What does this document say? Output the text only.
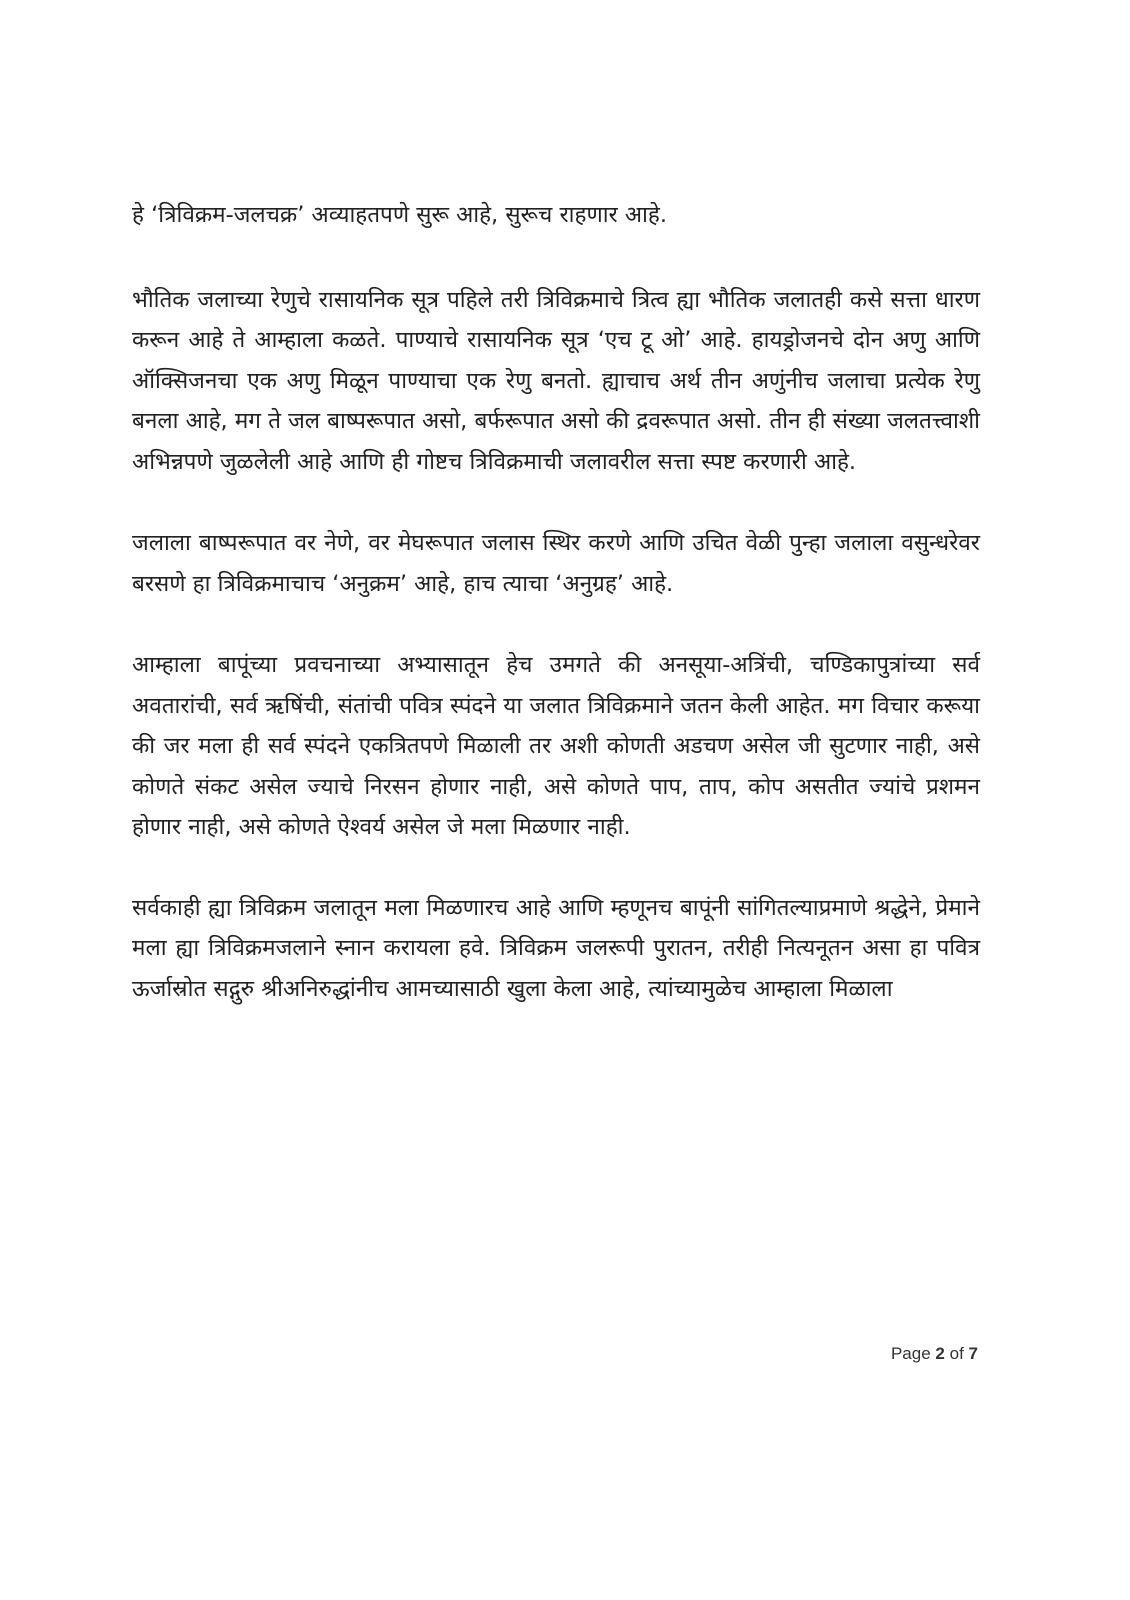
हे ‘त्रिविक्रम-जलचक्र’ अव्याहतपणे सुरू आहे, सुरूच राहणार आहे.

भौतिक जलाच्या रेणुचे रासायनिक सूत्र पहिले तरी त्रिविक्रमाचे त्रित्व ह्या भौतिक जलातही कसे सत्ता धारण करून आहे ते आम्हाला कळते. पाण्याचे रासायनिक सूत्र ‘एच टू ओ’ आहे. हायड्रोजनचे दोन अणु आणि ऑक्सिजनचा एक अणु मिळून पाण्याचा एक रेणु बनतो. ह्याचाच अर्थ तीन अणुंनीच जलाचा प्रत्येक रेणु बनला आहे, मग ते जल बाष्परूपात असो, बर्फरूपात असो की द्रवरूपात असो. तीन ही संख्या जलतत्त्वाशी अभिन्नपणे जुळलेली आहे आणि ही गोष्टच त्रिविक्रमाची जलावरील सत्ता स्पष्ट करणारी आहे.

जलाला बाष्परूपात वर नेणे, वर मेघरूपात जलास स्थिर करणे आणि उचित वेळी पुन्हा जलाला वसुन्धरेवर बरसणे हा त्रिविक्रमाचाच ‘अनुक्रम’ आहे, हाच त्याचा ‘अनुग्रह’ आहे.

आम्हाला बापूंच्या प्रवचनाच्या अभ्यासातून हेच उमगते की अनसूया-अत्रिंची, चण्डिकापुत्रांच्या सर्व अवतारांची, सर्व ऋषिंची, संतांची पवित्र स्पंदने या जलात त्रिविक्रमाने जतन केली आहेत. मग विचार करूया की जर मला ही सर्व स्पंदने एकत्रितपणे मिळाली तर अशी कोणती अडचण असेल जी सुटणार नाही, असे कोणते संकट असेल ज्याचे निरसन होणार नाही, असे कोणते पाप, ताप, कोप असतीत ज्यांचे प्रशमन होणार नाही, असे कोणते ऐश्वर्य असेल जे मला मिळणार नाही.

सर्वकाही ह्या त्रिविक्रम जलातून मला मिळणारच आहे आणि म्हणूनच बापूंनी सांगितल्याप्रमाणे श्रद्धेने, प्रेमाने मला ह्या त्रिविक्रमजलाने स्नान करायला हवे. त्रिविक्रम जलरूपी पुरातन, तरीही नित्यनूतन असा हा पवित्र ऊर्जास्रोत सद्गुरु श्रीअनिरुद्धांनीच आमच्यासाठी खुला केला आहे, त्यांच्यामुळेच आम्हाला मिळाला

Page 2 of 7
